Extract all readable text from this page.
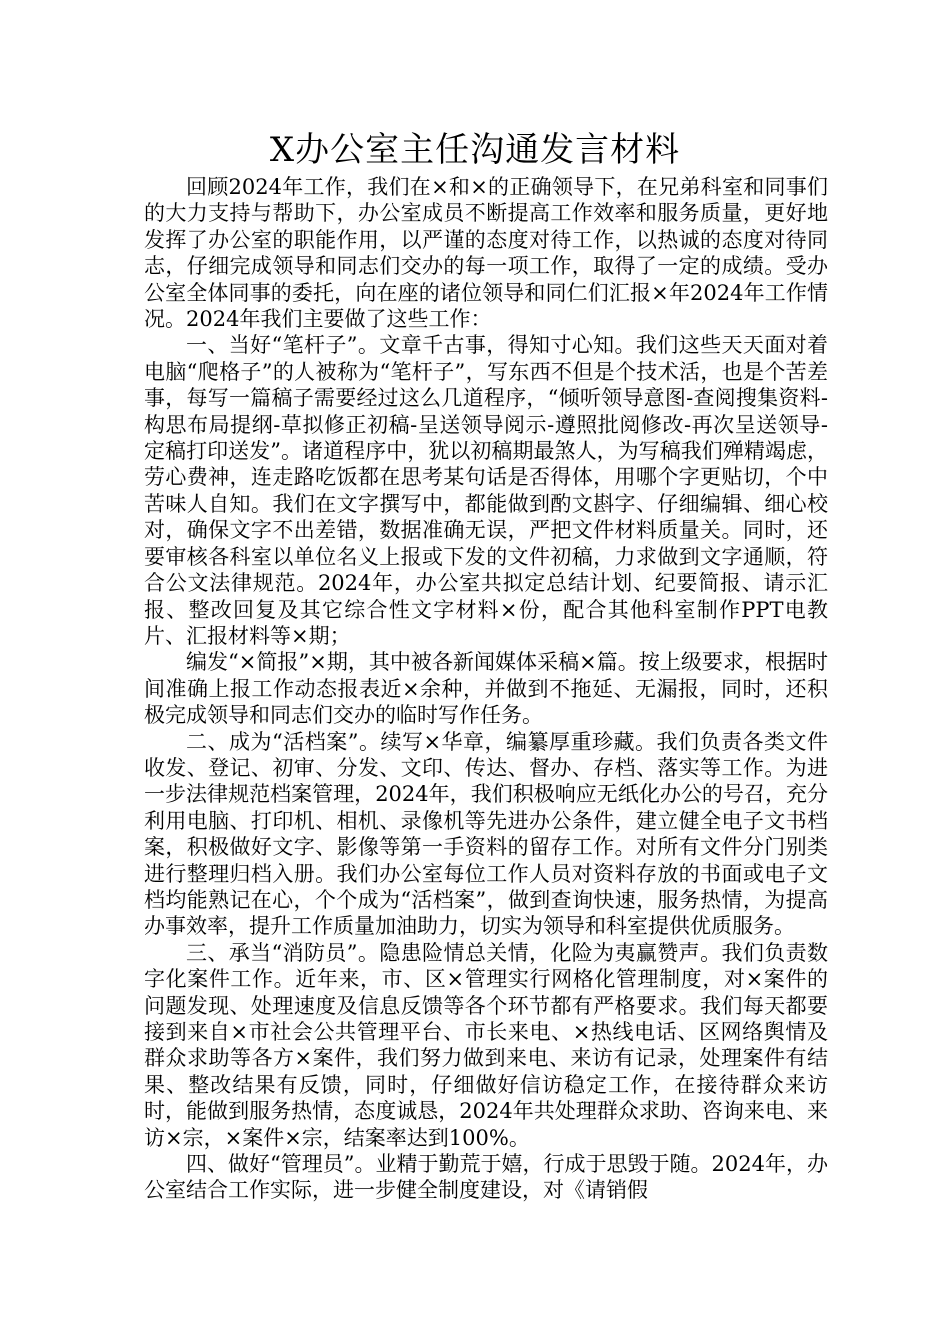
X办公室主任沟通发言材料

回顾2024年工作，我们在×和×的正确领导下，在兄弟科室和同事们的大力支持与帮助下，办公室成员不断提高工作效率和服务质量，更好地发挥了办公室的职能作用，以严谨的态度对待工作，以热诚的态度对待同志，仔细完成领导和同志们交办的每一项工作，取得了一定的成绩。受办公室全体同事的委托，向在座的诸位领导和同仁们汇报×年2024年工作情况。2024年我们主要做了这些工作：

一、当好“笔杆子”。文章千古事，得知寸心知。我们这些天天面对着电脑“爬格子”的人被称为“笔杆子”，写东西不但是个技术活，也是个苦差事，每写一篇稿子需要经过这么几道程序，“倾听领导意图-查阅搜集资料-构思布局提纲-草拟修正初稿-呈送领导阅示-遵照批阅修改-再次呈送领导-定稿打印送发”。诸道程序中，犹以初稿期最煞人，为写稿我们殚精竭虑，劳心费神，连走路吃饭都在思考某句话是否得体，用哪个字更贴切，个中苦味人自知。我们在文字撰写中，都能做到酌文斟字、仔细编辑、细心校对，确保文字不出差错，数据准确无误，严把文件材料质量关。同时，还要审核各科室以单位名义上报或下发的文件初稿，力求做到文字通顺，符合公文法律规范。2024年，办公室共拟定总结计划、纪要简报、请示汇报、整改回复及其它综合性文字材料×份，配合其他科室制作PPT电教片、汇报材料等×期；

编发“×简报”×期，其中被各新闻媒体采稿×篇。按上级要求，根据时间准确上报工作动态报表近×余种，并做到不拖延、无漏报，同时，还积极完成领导和同志们交办的临时写作任务。

二、成为“活档案”。续写×华章，编纂厚重珍藏。我们负责各类文件收发、登记、初审、分发、文印、传达、督办、存档、落实等工作。为进一步法律规范档案管理，2024年，我们积极响应无纸化办公的号召，充分利用电脑、打印机、相机、录像机等先进办公条件，建立健全电子文书档案，积极做好文字、影像等第一手资料的留存工作。对所有文件分门别类进行整理归档入册。我们办公室每位工作人员对资料存放的书面或电子文档均能熟记在心，个个成为“活档案”，做到查询快速，服务热情，为提高办事效率，提升工作质量加油助力，切实为领导和科室提供优质服务。

三、承当“消防员”。隐患险情总关情，化险为夷赢赞声。我们负责数字化案件工作。近年来，市、区×管理实行网格化管理制度，对×案件的问题发现、处理速度及信息反馈等各个环节都有严格要求。我们每天都要接到来自×市社会公共管理平台、市长来电、×热线电话、区网络舆情及群众求助等各方×案件，我们努力做到来电、来访有记录，处理案件有结果、整改结果有反馈，同时，仔细做好信访稳定工作，在接待群众来访时，能做到服务热情，态度诚恳，2024年共处理群众求助、咨询来电、来访×宗，×案件×宗，结案率达到100%。

四、做好“管理员”。业精于勤荒于嬉，行成于思毁于随。2024年，办公室结合工作实际，进一步健全制度建设，对《请销假
